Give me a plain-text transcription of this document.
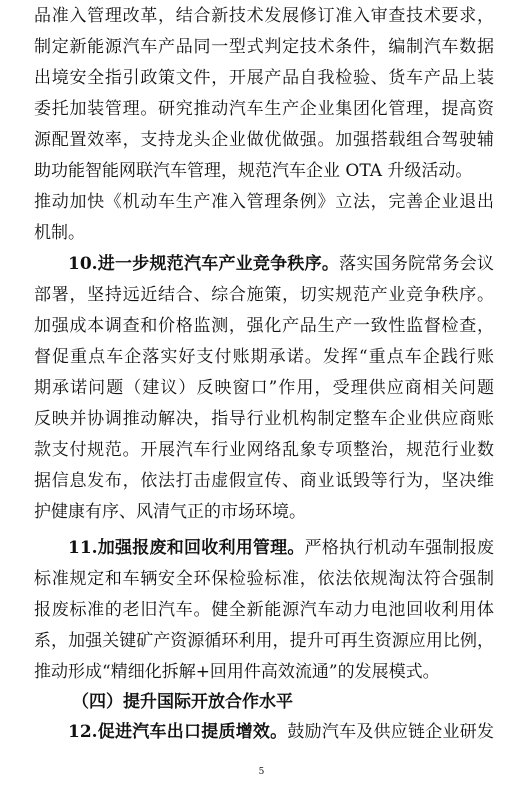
品准入管理改革，结合新技术发展修订准入审查技术要求，
制定新能源汽车产品同一型式判定技术条件，编制汽车数据
出境安全指引政策文件，开展产品自我检验、货车产品上装
委托加装管理。研究推动汽车生产企业集团化管理，提高资
源配置效率，支持龙头企业做优做强。加强搭载组合驾驶辅
助功能智能网联汽车管理，规范汽车企业 OTA 升级活动。
推动加快《机动车生产准入管理条例》立法，完善企业退出
机制。
10.进一步规范汽车产业竞争秩序。落实国务院常务会议
部署，坚持远近结合、综合施策，切实规范产业竞争秩序。
加强成本调查和价格监测，强化产品生产一致性监督检查，
督促重点车企落实好支付账期承诺。发挥“重点车企践行账
期承诺问题（建议）反映窗口”作用，受理供应商相关问题
反映并协调推动解决，指导行业机构制定整车企业供应商账
款支付规范。开展汽车行业网络乱象专项整治，规范行业数
据信息发布，依法打击虚假宣传、商业诋毁等行为，坚决维
护健康有序、风清气正的市场环境。
11.加强报废和回收利用管理。严格执行机动车强制报废
标准规定和车辆安全环保检验标准，依法依规淘汰符合强制
报废标准的老旧汽车。健全新能源汽车动力电池回收利用体
系，加强关键矿产资源循环利用，提升可再生资源应用比例，
推动形成“精细化拆解+回用件高效流通”的发展模式。
（四）提升国际开放合作水平
12.促进汽车出口提质增效。鼓励汽车及供应链企业研发
5
